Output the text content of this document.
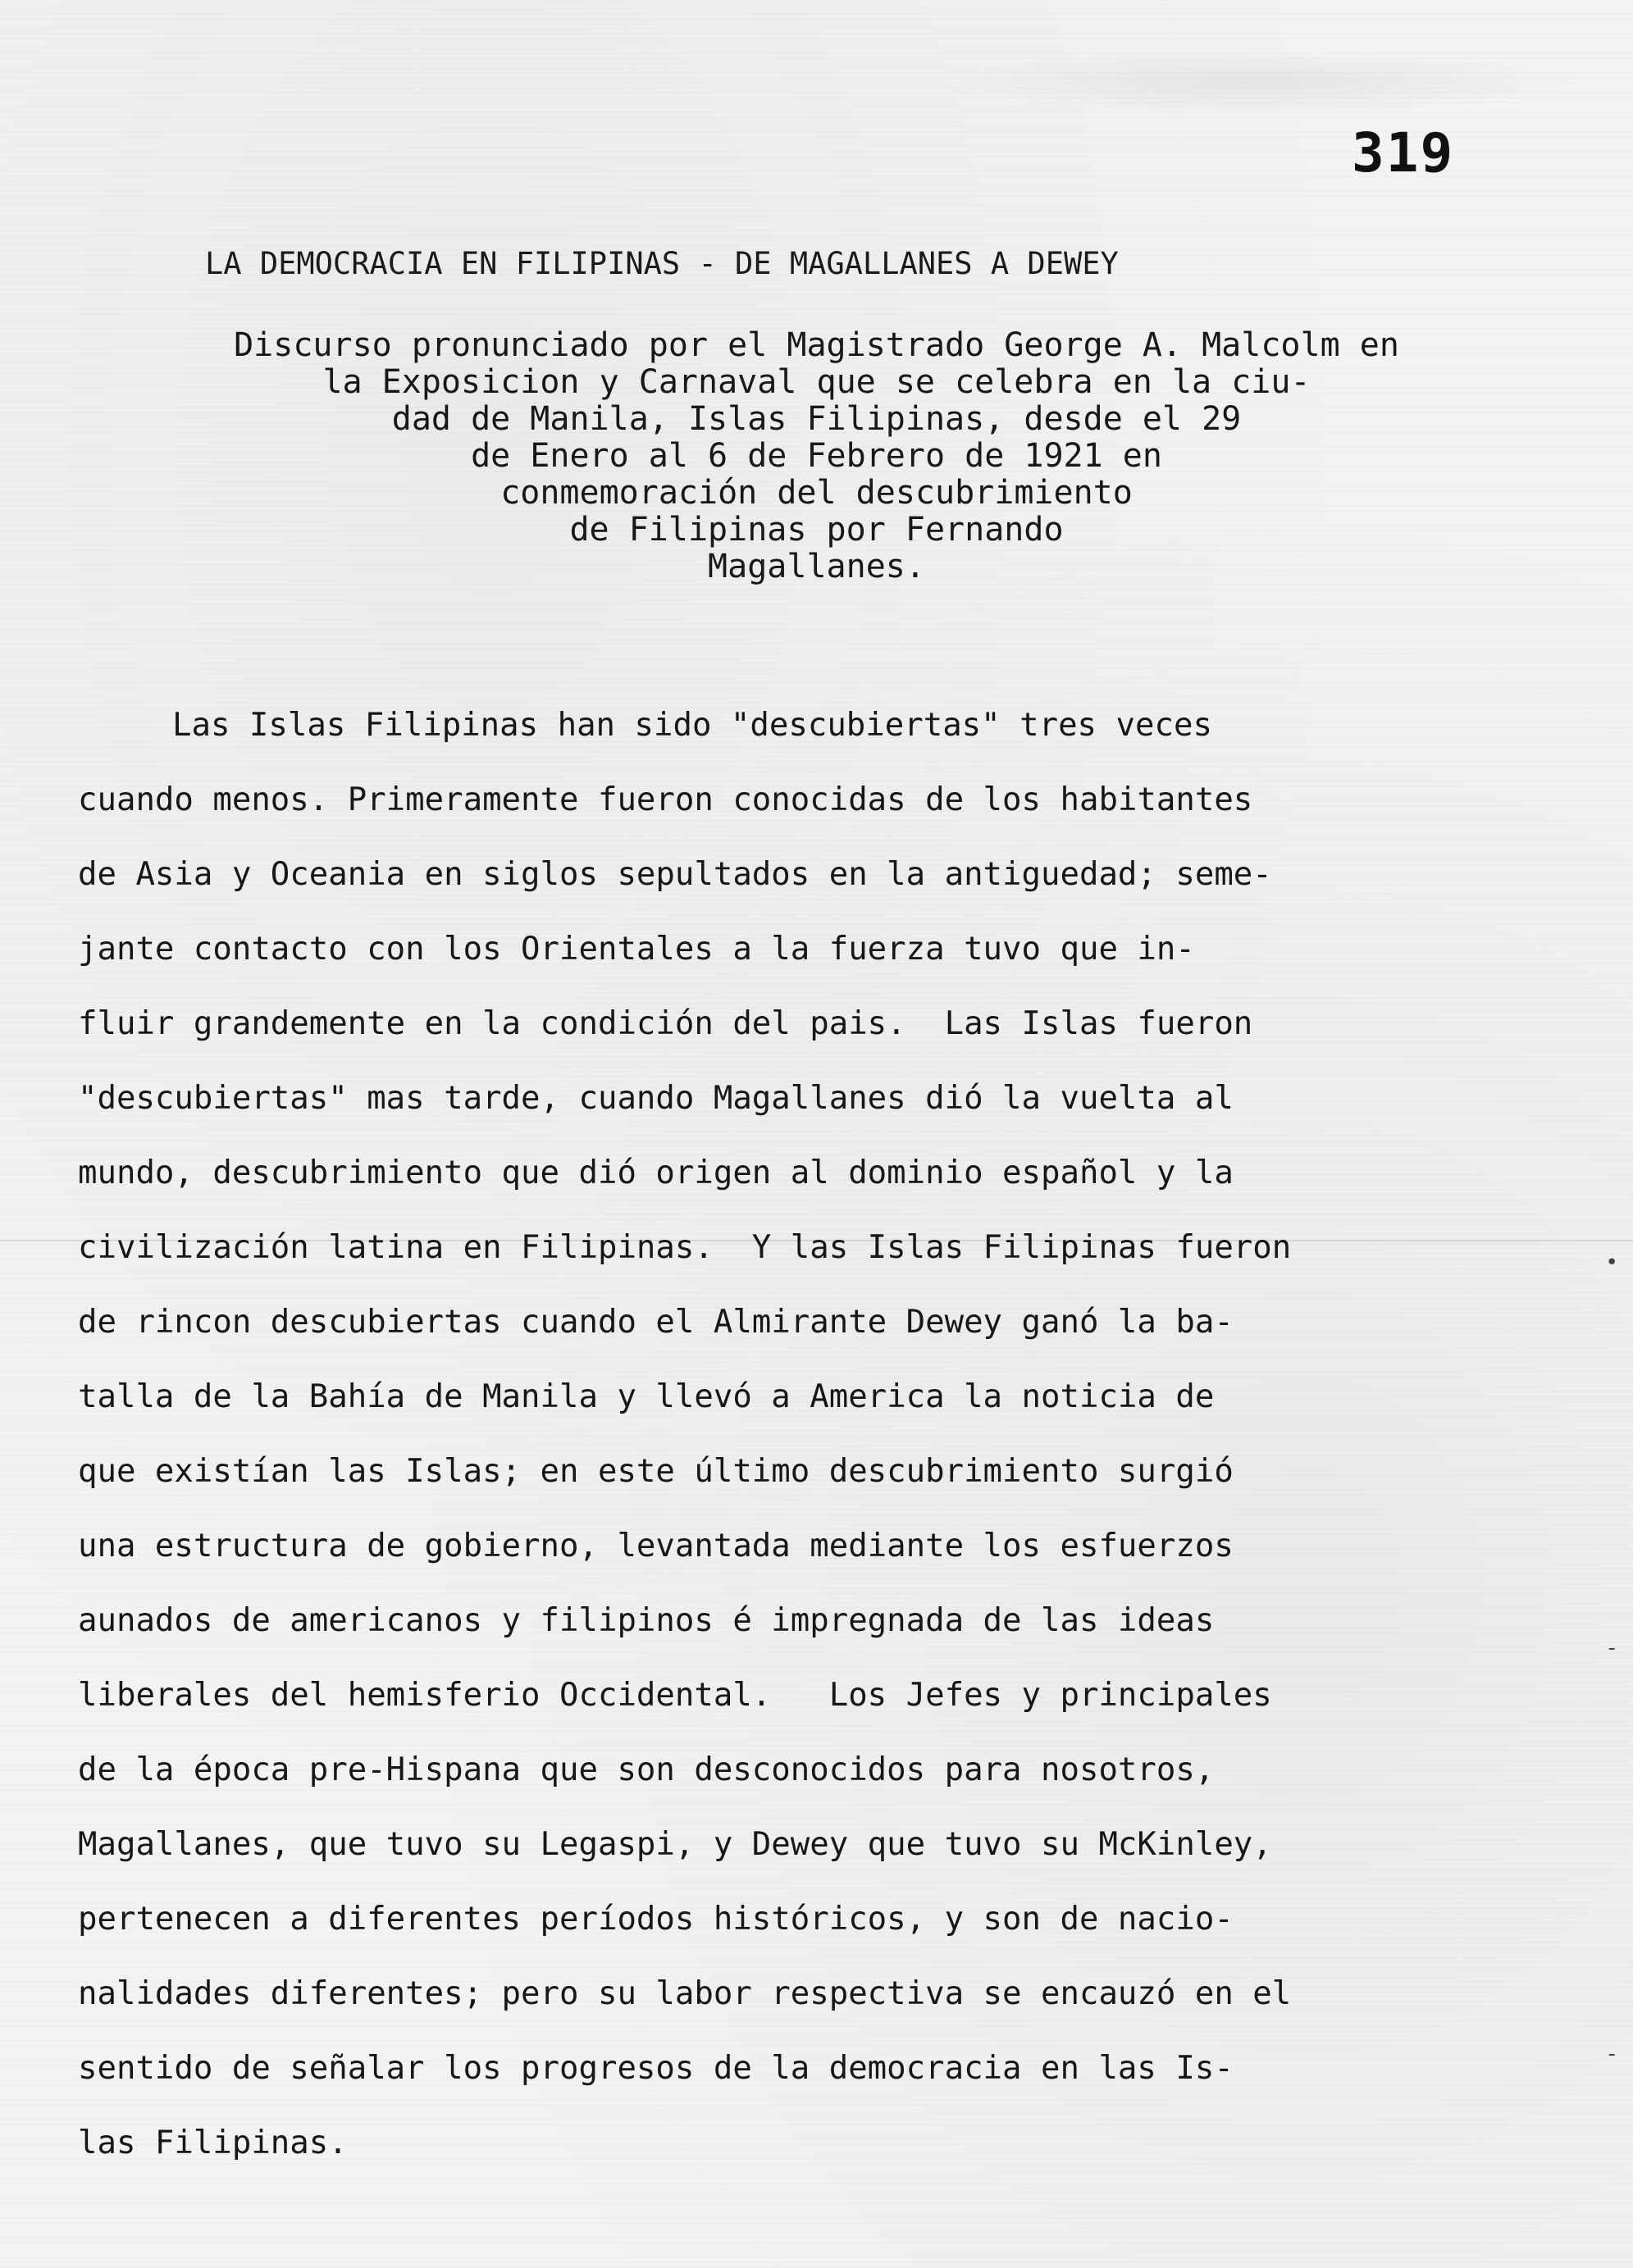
319
LA DEMOCRACIA EN FILIPINAS - DE MAGALLANES A DEWEY
Discurso pronunciado por el Magistrado George A. Malcolm en
la Exposicion y Carnaval que se celebra en la ciu-
dad de Manila, Islas Filipinas, desde el 29
de Enero al 6 de Febrero de 1921 en
conmemoración del descubrimiento
de Filipinas por Fernando
Magallanes.
Las Islas Filipinas han sido "descubiertas" tres veces
cuando menos. Primeramente fueron conocidas de los habitantes
de Asia y Oceania en siglos sepultados en la antiguedad; seme-
jante contacto con los Orientales a la fuerza tuvo que in-
fluir grandemente en la condición del pais.  Las Islas fueron
"descubiertas" mas tarde, cuando Magallanes dió la vuelta al
mundo, descubrimiento que dió origen al dominio español y la
civilización latina en Filipinas.  Y las Islas Filipinas fueron
de rincon descubiertas cuando el Almirante Dewey ganó la ba-
talla de la Bahía de Manila y llevó a America la noticia de
que existían las Islas; en este último descubrimiento surgió
una estructura de gobierno, levantada mediante los esfuerzos
aunados de americanos y filipinos é impregnada de las ideas
liberales del hemisferio Occidental.   Los Jefes y principales
de la época pre-Hispana que son desconocidos para nosotros,
Magallanes, que tuvo su Legaspi, y Dewey que tuvo su McKinley,
pertenecen a diferentes períodos históricos, y son de nacio-
nalidades diferentes; pero su labor respectiva se encauzó en el
sentido de señalar los progresos de la democracia en las Is-
las Filipinas.
•
-
-
